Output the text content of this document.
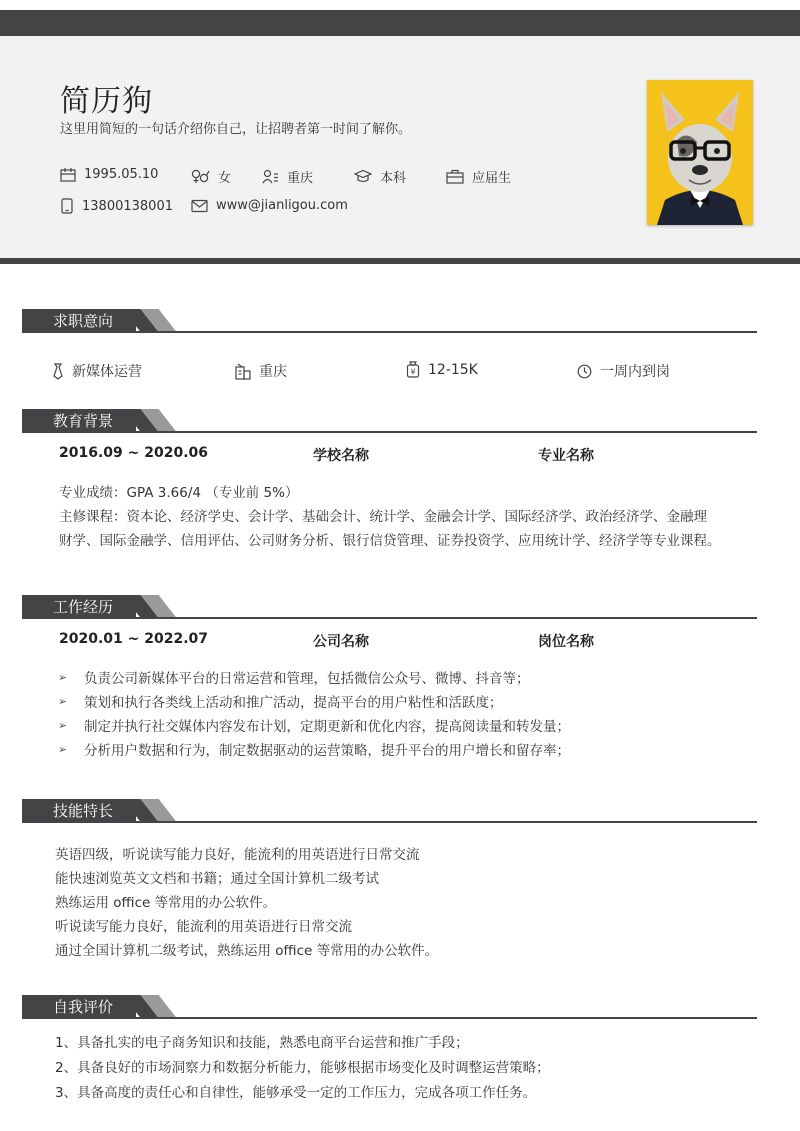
简历狗
这里用简短的一句话介绍你自己，让招聘者第一时间了解你。
1995.05.10	女	重庆	本科	应届生
13800138001	www@jianligou.com
求职意向
新媒体运营	重庆	¥ 12-15K	一周内到岗
教育背景
2016.09 ~ 2020.06	学校名称	专业名称
专业成绩：GPA 3.66/4 （专业前 5%）
主修课程：资本论、经济学史、会计学、基础会计、统计学、金融会计学、国际经济学、政治经济学、金融理
财学、国际金融学、信用评估、公司财务分析、银行信贷管理、证券投资学、应用统计学、经济学等专业课程。
工作经历
2020.01 ~ 2022.07	公司名称	岗位名称
➢	负责公司新媒体平台的日常运营和管理，包括微信公众号、微博、抖音等；
➢	策划和执行各类线上活动和推广活动，提高平台的用户粘性和活跃度；
➢	制定并执行社交媒体内容发布计划，定期更新和优化内容，提高阅读量和转发量；
➢	分析用户数据和行为，制定数据驱动的运营策略，提升平台的用户增长和留存率；
技能特长
英语四级，听说读写能力良好，能流利的用英语进行日常交流
能快速浏览英文文档和书籍；通过全国计算机二级考试
熟练运用 office 等常用的办公软件。
听说读写能力良好，能流利的用英语进行日常交流
通过全国计算机二级考试，熟练运用 office 等常用的办公软件。
自我评价
1、具备扎实的电子商务知识和技能，熟悉电商平台运营和推广手段；
2、具备良好的市场洞察力和数据分析能力，能够根据市场变化及时调整运营策略；
3、具备高度的责任心和自律性，能够承受一定的工作压力，完成各项工作任务。
